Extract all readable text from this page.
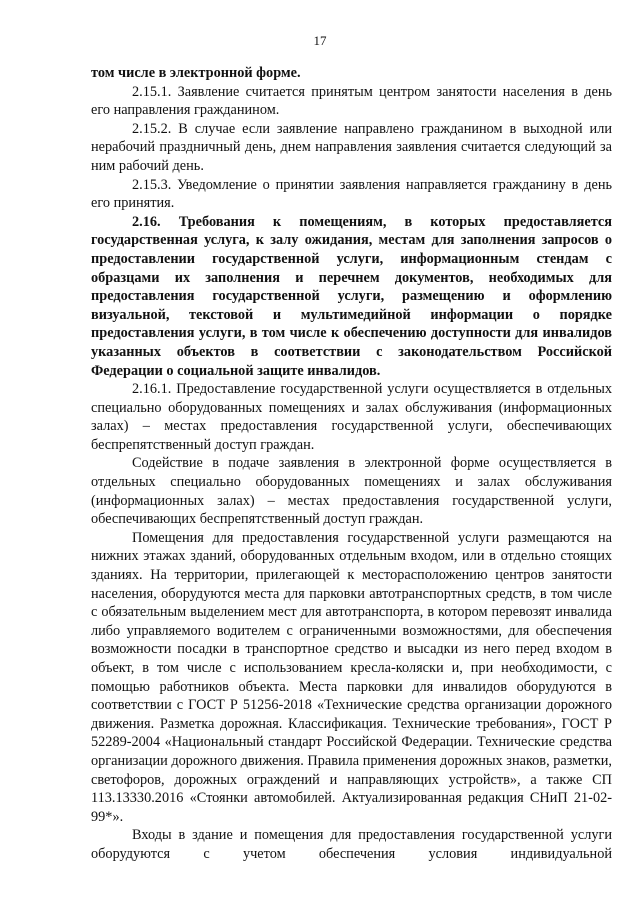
17

том числе в электронной форме.

2.15.1. Заявление считается принятым центром занятости населения в день его направления гражданином.

2.15.2. В случае если заявление направлено гражданином в выходной или нерабочий праздничный день, днем направления заявления считается следующий за ним рабочий день.

2.15.3. Уведомление о принятии заявления направляется гражданину в день его принятия.

2.16. Требования к помещениям, в которых предоставляется государственная услуга, к залу ожидания, местам для заполнения запросов о предоставлении государственной услуги, информационным стендам с образцами их заполнения и перечнем документов, необходимых для предоставления государственной услуги, размещению и оформлению визуальной, текстовой и мультимедийной информации о порядке предоставления услуги, в том числе к обеспечению доступности для инвалидов указанных объектов в соответствии с законодательством Российской Федерации о социальной защите инвалидов.

2.16.1. Предоставление государственной услуги осуществляется в отдельных специально оборудованных помещениях и залах обслуживания (информационных залах) – местах предоставления государственной услуги, обеспечивающих беспрепятственный доступ граждан.

Содействие в подаче заявления в электронной форме осуществляется в отдельных специально оборудованных помещениях и залах обслуживания (информационных залах) – местах предоставления государственной услуги, обеспечивающих беспрепятственный доступ граждан.

Помещения для предоставления государственной услуги размещаются на нижних этажах зданий, оборудованных отдельным входом, или в отдельно стоящих зданиях. На территории, прилегающей к месторасположению центров занятости населения, оборудуются места для парковки автотранспортных средств, в том числе с обязательным выделением мест для автотранспорта, в котором перевозят инвалида либо управляемого водителем с ограниченными возможностями, для обеспечения возможности посадки в транспортное средство и высадки из него перед входом в объект, в том числе с использованием кресла-коляски и, при необходимости, с помощью работников объекта. Места парковки для инвалидов оборудуются в соответствии с ГОСТ Р 51256-2018 «Технические средства организации дорожного движения. Разметка дорожная. Классификация. Технические требования», ГОСТ Р 52289-2004 «Национальный стандарт Российской Федерации. Технические средства организации дорожного движения. Правила применения дорожных знаков, разметки, светофоров, дорожных ограждений и направляющих устройств», а также СП 113.13330.2016 «Стоянки автомобилей. Актуализированная редакция СНиП 21-02-99*».

Входы в здание и помещения для предоставления государственной услуги оборудуются с учетом обеспечения условия индивидуальной
